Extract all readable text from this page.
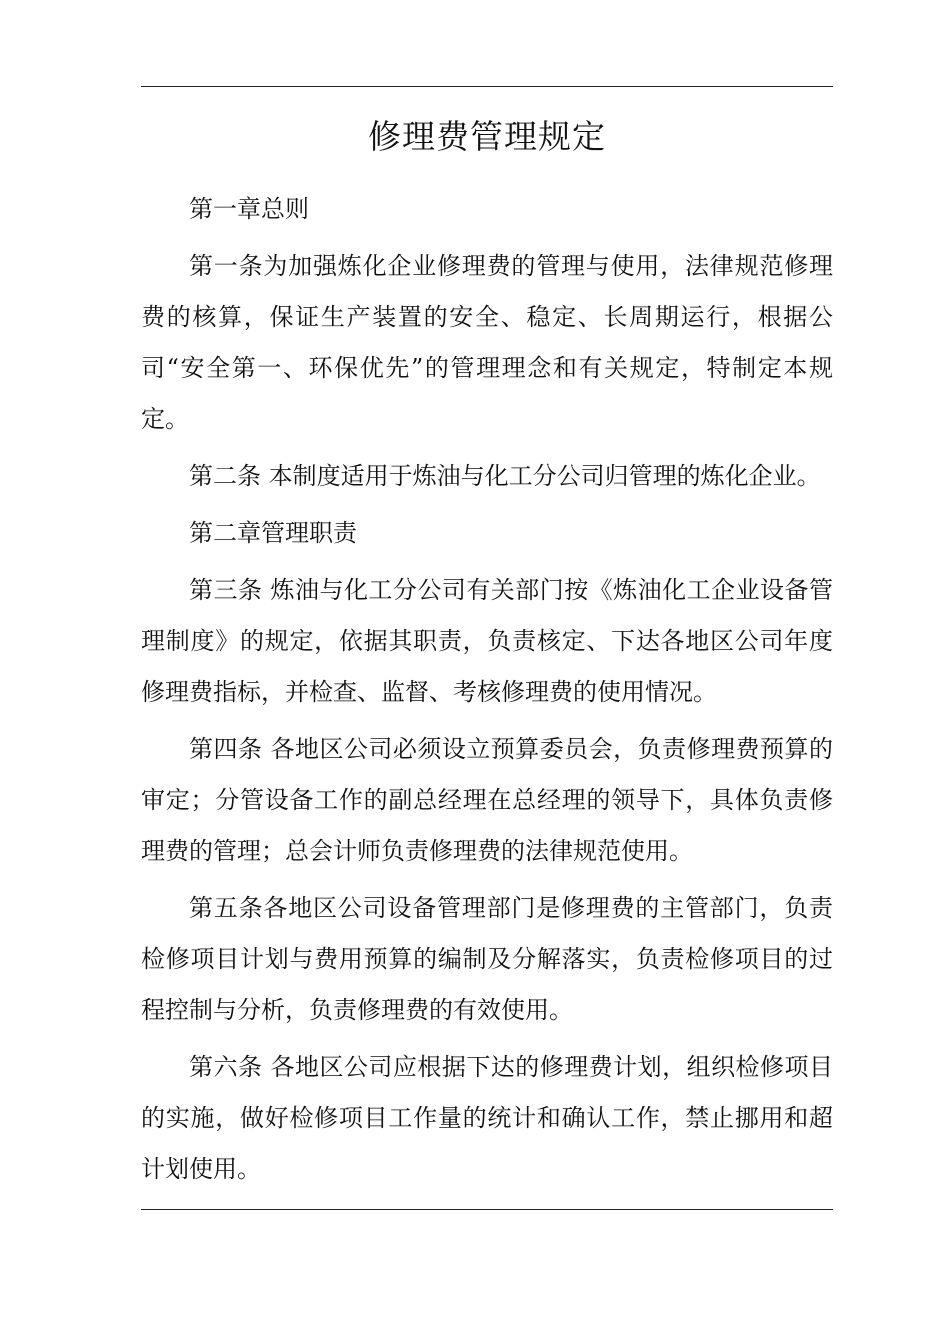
修理费管理规定

第一章总则

第一条为加强炼化企业修理费的管理与使用，法律规范修理费的核算，保证生产装置的安全、稳定、长周期运行，根据公司“安全第一、环保优先”的管理理念和有关规定，特制定本规定。

第二条 本制度适用于炼油与化工分公司归管理的炼化企业。

第二章管理职责

第三条 炼油与化工分公司有关部门按《炼油化工企业设备管理制度》的规定，依据其职责，负责核定、下达各地区公司年度修理费指标，并检查、监督、考核修理费的使用情况。

第四条 各地区公司必须设立预算委员会，负责修理费预算的审定；分管设备工作的副总经理在总经理的领导下，具体负责修理费的管理；总会计师负责修理费的法律规范使用。

第五条各地区公司设备管理部门是修理费的主管部门，负责检修项目计划与费用预算的编制及分解落实，负责检修项目的过程控制与分析，负责修理费的有效使用。

第六条 各地区公司应根据下达的修理费计划，组织检修项目的实施，做好检修项目工作量的统计和确认工作，禁止挪用和超计划使用。
